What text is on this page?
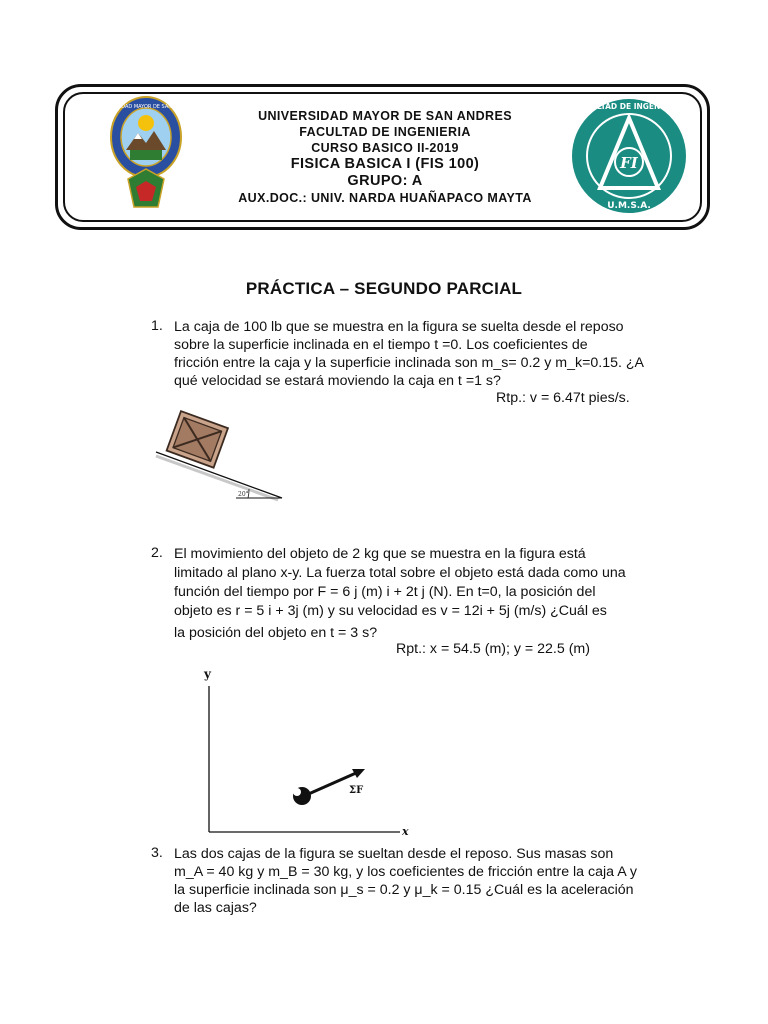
UNIVERSIDAD MAYOR DE SAN ANDRES
FI
FACULTAD DE INGENIERIA
U.M.S.A.
UNIVERSIDAD MAYOR DE SAN ANDRES
FACULTAD DE INGENIERIA
CURSO BASICO II-2019
FISICA BASICA I (FIS 100)
GRUPO: A
AUX.DOC.: UNIV. NARDA HUAÑAPACO MAYTA
PRÁCTICA – SEGUNDO PARCIAL
1. La caja de 100 lb que se muestra en la figura se suelta desde el reposo
sobre la superficie inclinada en el tiempo t =0. Los coeficientes de
fricción entre la caja y la superficie inclinada son m_s= 0.2 y m_k=0.15. ¿A
qué velocidad se estará moviendo la caja en t =1 s?
Rtp.: v = 6.47t pies/s.
20°
2. El movimiento del objeto de 2 kg que se muestra en la figura está
limitado al plano x-y. La fuerza total sobre el objeto está dada como una
función del tiempo por F = 6 j (m) i + 2t j (N). En t=0, la posición del
objeto es r = 5 i + 3j (m) y su velocidad es v = 12i + 5j (m/s) ¿Cuál es
la posición del objeto en t = 3 s?
Rpt.: x = 54.5 (m); y = 22.5 (m)
y
x
ΣF
3. Las dos cajas de la figura se sueltan desde el reposo. Sus masas son
m_A = 40 kg y m_B = 30 kg, y los coeficientes de fricción entre la caja A y
la superficie inclinada son μ_s = 0.2 y μ_k = 0.15 ¿Cuál es la aceleración
de las cajas?
